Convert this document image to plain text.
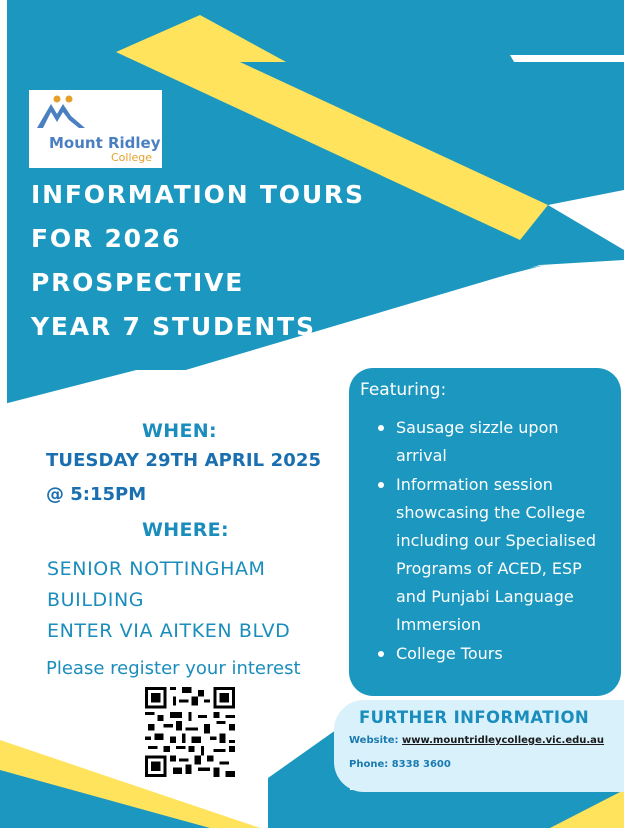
Mount Ridley
College
INFORMATION TOURS
FOR 2026
PROSPECTIVE
YEAR 7 STUDENTS
WHEN:
TUESDAY 29TH APRIL 2025
@ 5:15PM
WHERE:
SENIOR NOTTINGHAM
BUILDING
ENTER VIA AITKEN BLVD
Please register your interest
Featuring:
Sausage sizzle upon arrival
Information session showcasing the College including our Specialised Programs of ACED, ESP and Punjabi Language Immersion
College Tours
FURTHER INFORMATION
Website: www.mountridleycollege.vic.edu.au
Phone: 8338 3600
